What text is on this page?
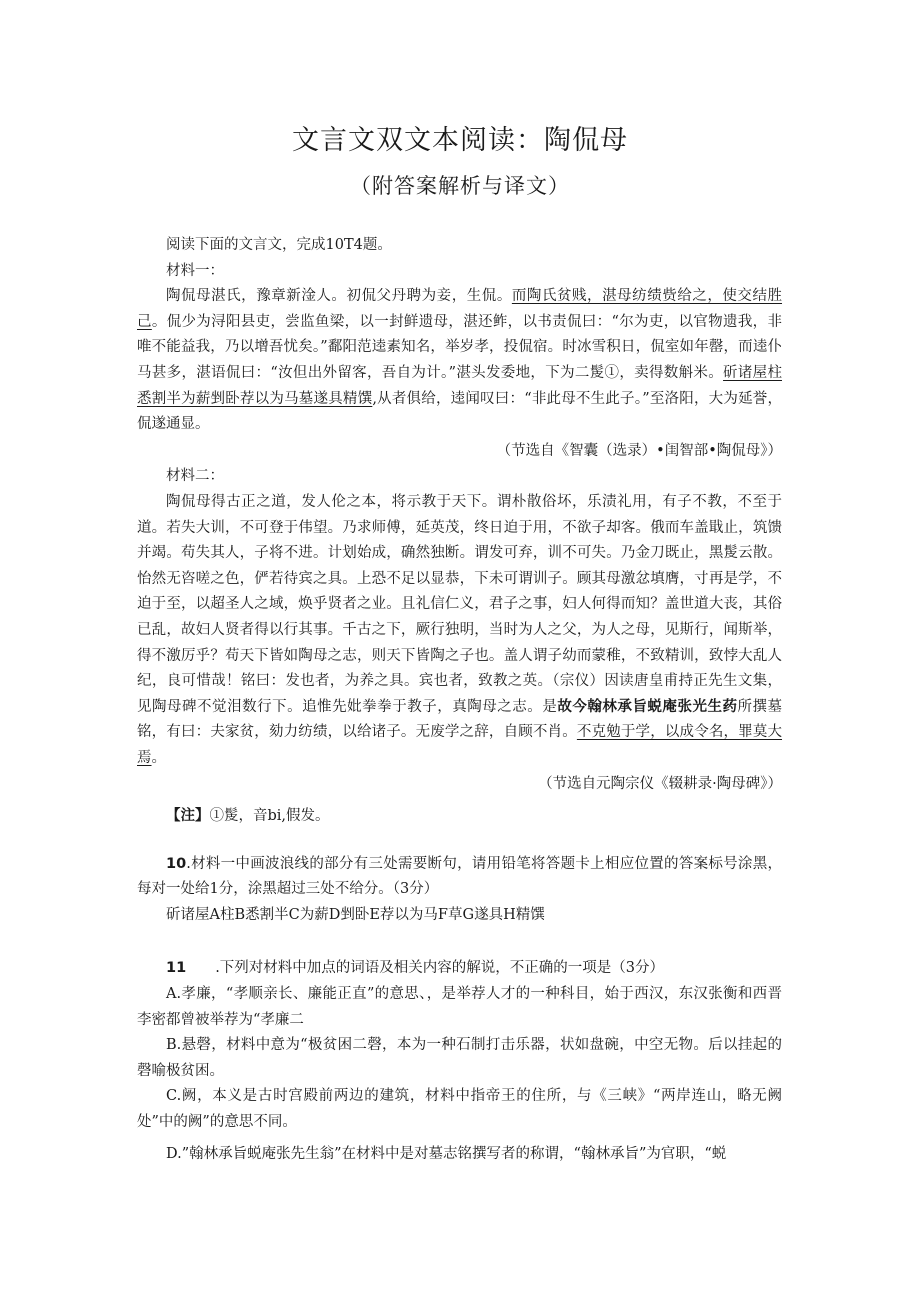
文言文双文本阅读：陶侃母
（附答案解析与译文）

阅读下面的文言文，完成10T4题。

材料一：

陶侃母湛氏，豫章新淦人。初侃父丹聘为妾，生侃。而陶氏贫贱，湛母纺绩赀给之，使交结胜己。侃少为浔阳县吏，尝监鱼梁，以一封鲜遗母，湛还鲊，以书责侃曰：“尔为吏，以官物遗我，非唯不能益我，乃以增吾忧矣。”鄱阳范逵素知名，举岁孝，投侃宿。时冰雪积日，侃室如年罄，而逵仆马甚多，湛语侃曰：“汝但出外留客，吾自为计。”湛头发委地，下为二髲①，卖得数斛米。斫诸屋柱悉割半为薪剉卧荐以为马墓遂具精馔,从者俱给，逵闻叹曰：“非此母不生此子。”至洛阳，大为延誉，侃遂通显。

（节选自《智囊（选录）•闺智部•陶侃母》）

材料二：

陶侃母得古正之道，发人伦之本，将示教于天下。谓朴散俗坏，乐渍礼用，有子不教，不至于道。若失大训，不可登于伟望。乃求师傅，延英茂，终日迫于用，不欲子却客。俄而车盖戢止，筑馈并竭。苟失其人，子将不进。计划始成，确然独断。谓发可弃，训不可失。乃金刀既止，黑髲云散。怡然无咨嗟之色，俨若待宾之具。上恐不足以显恭，下未可谓训子。顾其母激忿填膺，寸再是学，不迫于至，以超圣人之域，焕乎贤者之业。且礼信仁义，君子之事，妇人何得而知？盖世道大丧，其俗已乱，故妇人贤者得以行其事。千古之下，厥行独明，当时为人之父，为人之母，见斯行，闻斯举，得不激厉乎？苟天下皆如陶母之志，则天下皆陶之子也。盖人谓子幼而蒙稚，不致精训，致悖大乱人纪，良可惜哉！铭曰：发也者，为养之具。宾也者，致教之英。（宗仪）因读唐皇甫持正先生文集，见陶母碑不觉泪数行下。追惟先妣拳拳于教子，真陶母之志。是故今翰林承旨蜕庵张光生药所撰墓铭，有曰：夫家贫，劾力纺绩，以给诸子。无废学之辞，自顾不肖。不克勉于学，以成令名，罪莫大焉。

（节选自元陶宗仪《辍耕录·陶母碑》）

【注】①髲，音bi,假发。

10.材料一中画波浪线的部分有三处需要断句，请用铅笔将答题卡上相应位置的答案标号涂黑，每对一处给1分，涂黑超过三处不给分。（3分）

斫诸屋A柱B悉割半C为薪D剉卧E荐以为马F草G遂具H精馔

11　　 .下列对材料中加点的词语及相关内容的解说，不正确的一项是（3分）

A.孝廉，“孝顺亲长、廉能正直”的意思、，是举荐人才的一种科目，始于西汉，东汉张衡和西晋李密都曾被举荐为“孝廉二

B.悬磬，材料中意为“极贫困二磬，本为一种石制打击乐器，状如盘碗，中空无物。后以挂起的磬喻极贫困。

C.阙，本义是古时宫殿前两边的建筑，材料中指帝王的住所，与《三峡》“两岸连山，略无阙处”中的阙”的意思不同。

D.”翰林承旨蜕庵张先生翁”在材料中是对墓志铭撰写者的称谓，“翰林承旨”为官职，“蜕
